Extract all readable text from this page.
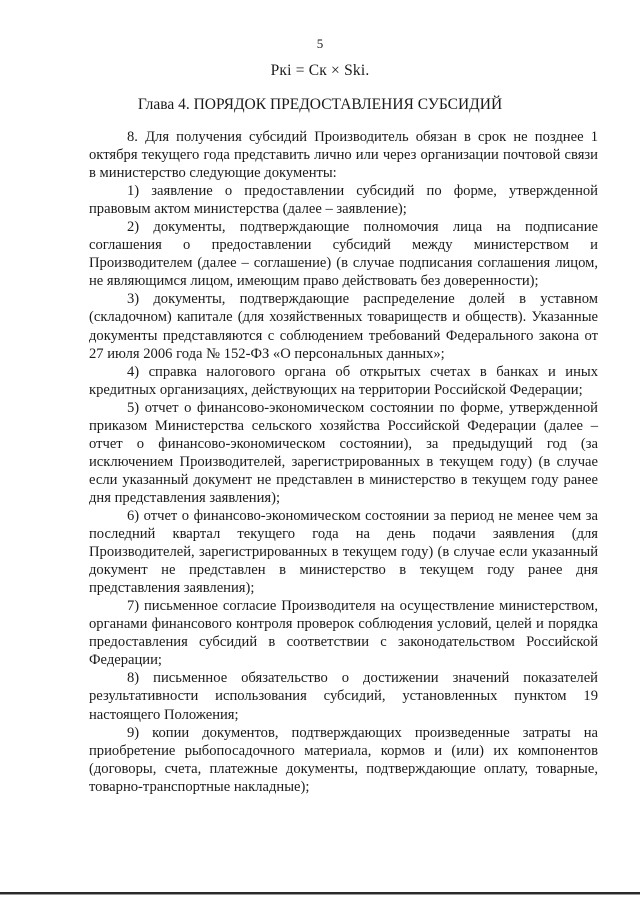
5
Pкi = Cк × Ski.
Глава 4. ПОРЯДОК ПРЕДОСТАВЛЕНИЯ СУБСИДИЙ

8. Для получения субсидий Производитель обязан в срок не позднее 1 октября текущего года представить лично или через организации почтовой связи в министерство следующие документы:

1) заявление о предоставлении субсидий по форме, утвержденной правовым актом министерства (далее – заявление);

2) документы, подтверждающие полномочия лица на подписание соглашения о предоставлении субсидий между министерством и Производителем (далее – соглашение) (в случае подписания соглашения лицом, не являющимся лицом, имеющим право действовать без доверенности);

3) документы, подтверждающие распределение долей в уставном (складочном) капитале (для хозяйственных товариществ и обществ). Указанные документы представляются с соблюдением требований Федерального закона от 27 июля 2006 года № 152-ФЗ «О персональных данных»;

4) справка налогового органа об открытых счетах в банках и иных кредитных организациях, действующих на территории Российской Федерации;

5) отчет о финансово-экономическом состоянии по форме, утвержденной приказом Министерства сельского хозяйства Российской Федерации (далее – отчет о финансово-экономическом состоянии), за предыдущий год (за исключением Производителей, зарегистрированных в текущем году) (в случае если указанный документ не представлен в министерство в текущем году ранее дня представления заявления);

6) отчет о финансово-экономическом состоянии за период не менее чем за последний квартал текущего года на день подачи заявления (для Производителей, зарегистрированных в текущем году) (в случае если указанный документ не представлен в министерство в текущем году ранее дня представления заявления);

7) письменное согласие Производителя на осуществление министерством, органами финансового контроля проверок соблюдения условий, целей и порядка предоставления субсидий в соответствии с законодательством Российской Федерации;

8) письменное обязательство о достижении значений показателей результативности использования субсидий, установленных пунктом 19 настоящего Положения;

9) копии документов, подтверждающих произведенные затраты на приобретение рыбопосадочного материала, кормов и (или) их компонентов (договоры, счета, платежные документы, подтверждающие оплату, товарные, товарно-транспортные накладные);
